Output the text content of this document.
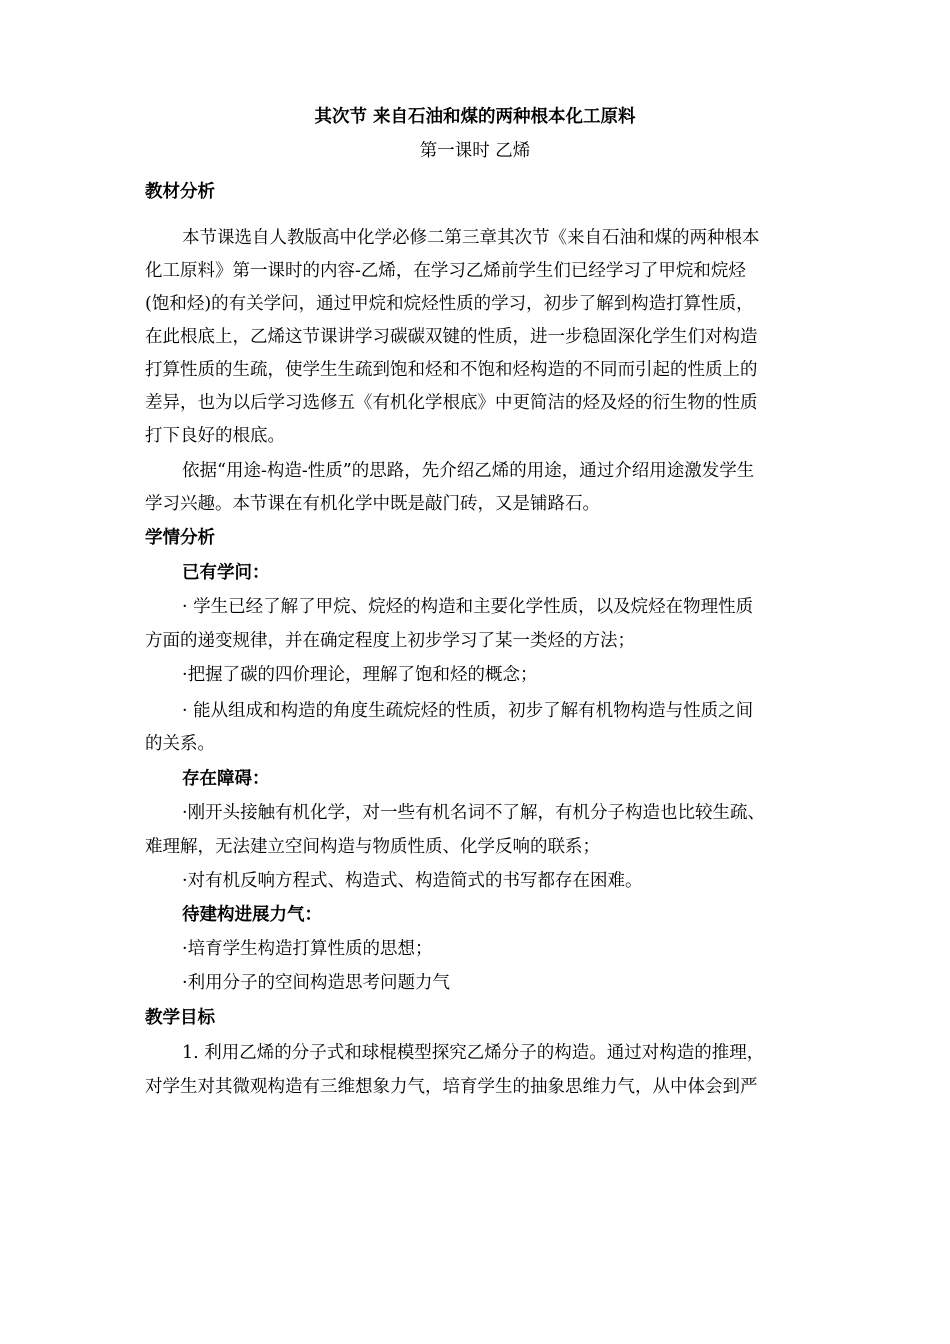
其次节 来自石油和煤的两种根本化工原料
第一课时 乙烯
教材分析
本节课选自人教版高中化学必修二第三章其次节《来自石油和煤的两种根本
化工原料》第一课时的内容-乙烯，在学习乙烯前学生们已经学习了甲烷和烷烃
(饱和烃)的有关学问，通过甲烷和烷烃性质的学习，初步了解到构造打算性质，
在此根底上，乙烯这节课讲学习碳碳双键的性质，进一步稳固深化学生们对构造
打算性质的生疏，使学生生疏到饱和烃和不饱和烃构造的不同而引起的性质上的
差异，也为以后学习选修五《有机化学根底》中更简洁的烃及烃的衍生物的性质
打下良好的根底。
依据“用途-构造-性质”的思路，先介绍乙烯的用途，通过介绍用途激发学生
学习兴趣。本节课在有机化学中既是敲门砖，又是铺路石。
学情分析
已有学问：
· 学生已经了解了甲烷、烷烃的构造和主要化学性质，以及烷烃在物理性质
方面的递变规律，并在确定程度上初步学习了某一类烃的方法；
·把握了碳的四价理论，理解了饱和烃的概念；
· 能从组成和构造的角度生疏烷烃的性质，初步了解有机物构造与性质之间
的关系。
存在障碍：
·刚开头接触有机化学，对一些有机名词不了解，有机分子构造也比较生疏、
难理解，无法建立空间构造与物质性质、化学反响的联系；
·对有机反响方程式、构造式、构造简式的书写都存在困难。
待建构进展力气：
·培育学生构造打算性质的思想；
·利用分子的空间构造思考问题力气
教学目标
1. 利用乙烯的分子式和球棍模型探究乙烯分子的构造。通过对构造的推理，
对学生对其微观构造有三维想象力气，培育学生的抽象思维力气，从中体会到严
